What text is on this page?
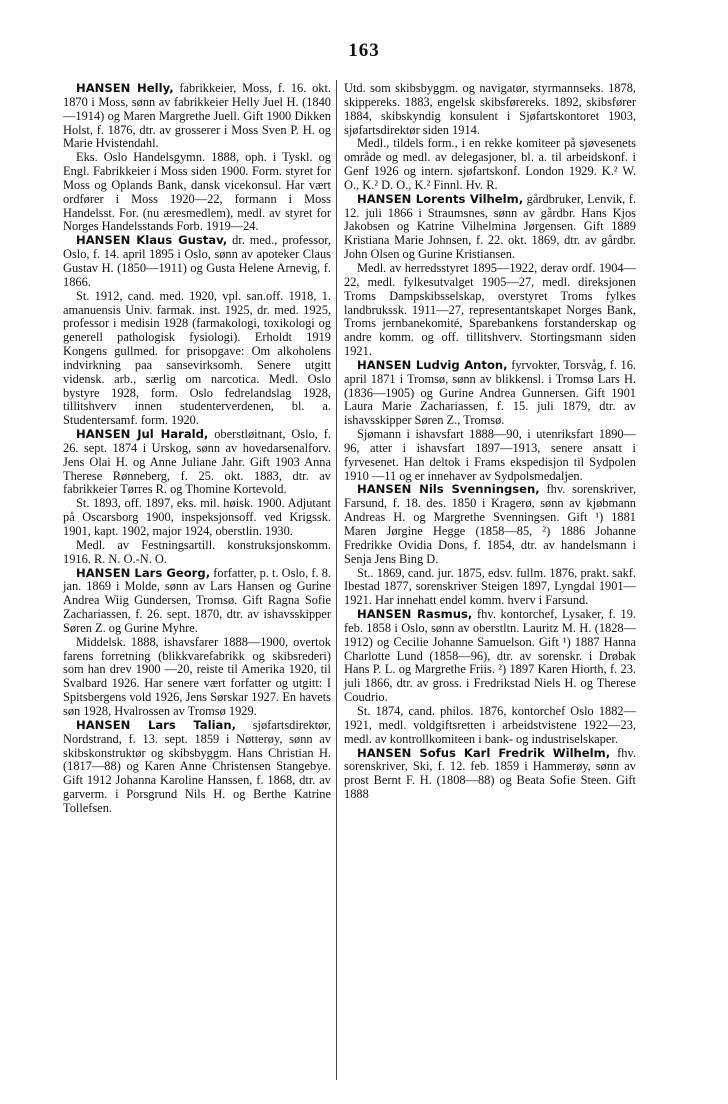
163

HANSEN Helly, fabrikkeier, Moss, f. 16. okt. 1870 i Moss, sønn av fabrikkeier Helly Juel H. (1840—1914) og Maren Margrethe Juell. Gift 1900 Dikken Holst, f. 1876, dtr. av grosserer i Moss Sven P. H. og Marie Hvistendahl.

Eks. Oslo Handelsgymn. 1888, oph. i Tyskl. og Engl. Fabrikkeier i Moss siden 1900. Form. styret for Moss og Oplands Bank, dansk vicekonsul. Har vært ordfører i Moss 1920—22, formann i Moss Handelsst. For. (nu æresmedlem), medl. av styret for Norges Handelsstands Forb. 1919—24.

HANSEN Klaus Gustav, dr. med., professor, Oslo, f. 14. april 1895 i Oslo, sønn av apoteker Claus Gustav H. (1850—1911) og Gusta Helene Arnevig, f. 1866.

St. 1912, cand. med. 1920, vpl. san.off. 1918, 1. amanuensis Univ. farmak. inst. 1925, dr. med. 1925, professor i medisin 1928 (farmakologi, toxikologi og generell pathologisk fysiologi). Erholdt 1919 Kongens gullmed. for prisopgave: Om alkoholens indvirkning paa sansevirksomh. Senere utgitt vidensk. arb., særlig om narcotica. Medl. Oslo bystyre 1928, form. Oslo fedrelandslag 1928, tillitshverv innen studenterverdenen, bl. a. Studentersamf. form. 1920.

HANSEN Jul Harald, oberstløitnant, Oslo, f. 26. sept. 1874 i Urskog, sønn av hovedarsenalforv. Jens Olai H. og Anne Juliane Jahr. Gift 1903 Anna Therese Rønneberg, f. 25. okt. 1883, dtr. av fabrikkeier Tørres R. og Thomine Kortevold.

St. 1893, off. 1897, eks. mil. høisk. 1900. Adjutant på Oscarsborg 1900, inspeksjonsoff. ved Krigssk. 1901, kapt. 1902, major 1924, oberstlin. 1930.

Medl. av Festningsartill. konstruksjonskomm. 1916. R. N. O.-N. O.

HANSEN Lars Georg, forfatter, p. t. Oslo, f. 8. jan. 1869 i Molde, sønn av Lars Hansen og Gurine Andrea Wiig Gundersen, Tromsø. Gift Ragna Sofie Zachariassen, f. 26. sept. 1870, dtr. av ishavsskipper Søren Z. og Gurine Myhre.

Middelsk. 1888, ishavsfarer 1888—1900, overtok farens forretning (blikkvarefabrikk og skibsrederi) som han drev 1900 —20, reiste til Amerika 1920, til Svalbard 1926. Har senere vært forfatter og utgitt: I Spitsbergens vold 1926, Jens Sørskar 1927. En havets søn 1928, Hvalrossen av Tromsø 1929.

HANSEN Lars Talian, sjøfartsdirektør, Nordstrand, f. 13. sept. 1859 i Nøtterøy, sønn av skibskonstruktør og skibsbyggm. Hans Christian H. (1817—88) og Karen Anne Christensen Stangebye. Gift 1912 Johanna Karoline Hanssen, f. 1868, dtr. av garverm. i Porsgrund Nils H. og Berthe Katrine Tollefsen.

Utd. som skibsbyggm. og navigatør, styrmannseks. 1878, skippereks. 1883, engelsk skibsførereks. 1892, skibsfører 1884, skibskyndig konsulent i Sjøfartskontoret 1903, sjøfartsdirektør siden 1914.

Medl., tildels form., i en rekke komiteer på sjøvesenets område og medl. av delegasjoner, bl. a. til arbeidskonf. i Genf 1926 og intern. sjøfartskonf. London 1929. K.² W. O., K.² D. O., K.² Finnl. Hv. R.

HANSEN Lorents Vilhelm, gårdbruker, Lenvik, f. 12. juli 1866 i Straumsnes, sønn av gårdbr. Hans Kjos Jakobsen og Katrine Vilhelmina Jørgensen. Gift 1889 Kristiana Marie Johnsen, f. 22. okt. 1869, dtr. av gårdbr. John Olsen og Gurine Kristiansen.

Medl. av herredsstyret 1895—1922, derav ordf. 1904—22, medl. fylkesutvalget 1905—27, medl. direksjonen Troms Dampskibsselskap, overstyret Troms fylkes landbrukssk. 1911—27, representantskapet Norges Bank, Troms jernbanekomité, Sparebankens forstanderskap og andre komm. og off. tillitshverv. Stortingsmann siden 1921.

HANSEN Ludvig Anton, fyrvokter, Torsvåg, f. 16. april 1871 i Tromsø, sønn av blikkensl. i Tromsø Lars H. (1836—1905) og Gurine Andrea Gunnersen. Gift 1901 Laura Marie Zachariassen, f. 15. juli 1879, dtr. av ishavsskipper Søren Z., Tromsø.

Sjømann i ishavsfart 1888—90, i utenriksfart 1890—96, atter i ishavsfart 1897—1913, senere ansatt i fyrvesenet. Han deltok i Frams ekspedisjon til Sydpolen 1910 —11 og er innehaver av Sydpolsmedaljen.

HANSEN Nils Svenningsen, fhv. sorenskriver, Farsund, f. 18. des. 1850 i Kragerø, sønn av kjøbmann Andreas H. og Margrethe Svenningsen. Gift ¹) 1881 Maren Jørgine Hegge (1858—85, ²) 1886 Johanne Fredrikke Ovidia Dons, f. 1854, dtr. av handelsmann i Senja Jens Bing D.

St.. 1869, cand. jur. 1875, edsv. fullm. 1876, prakt. sakf. Ibestad 1877, sorenskriver Steigen 1897, Lyngdal 1901—1921. Har innehatt endel komm. hverv i Farsund.

HANSEN Rasmus, fhv. kontorchef, Lysaker, f. 19. feb. 1858 i Oslo, sønn av oberstltn. Lauritz M. H. (1828—1912) og Cecilie Johanne Samuelson. Gift ¹) 1887 Hanna Charlotte Lund (1858—96), dtr. av sorenskr. i Drøbak Hans P. L. og Margrethe Friis. ²) 1897 Karen Hiorth, f. 23. juli 1866, dtr. av gross. i Fredrikstad Niels H. og Therese Coudrio.

St. 1874, cand. philos. 1876, kontorchef Oslo 1882—1921, medl. voldgiftsretten i arbeidstvistene 1922—23, medl. av kontrollkomiteen i bank- og industriselskaper.

HANSEN Sofus Karl Fredrik Wilhelm, fhv. sorenskriver, Ski, f. 12. feb. 1859 i Hammerøy, sønn av prost Bernt F. H. (1808—88) og Beata Sofie Steen. Gift 1888
